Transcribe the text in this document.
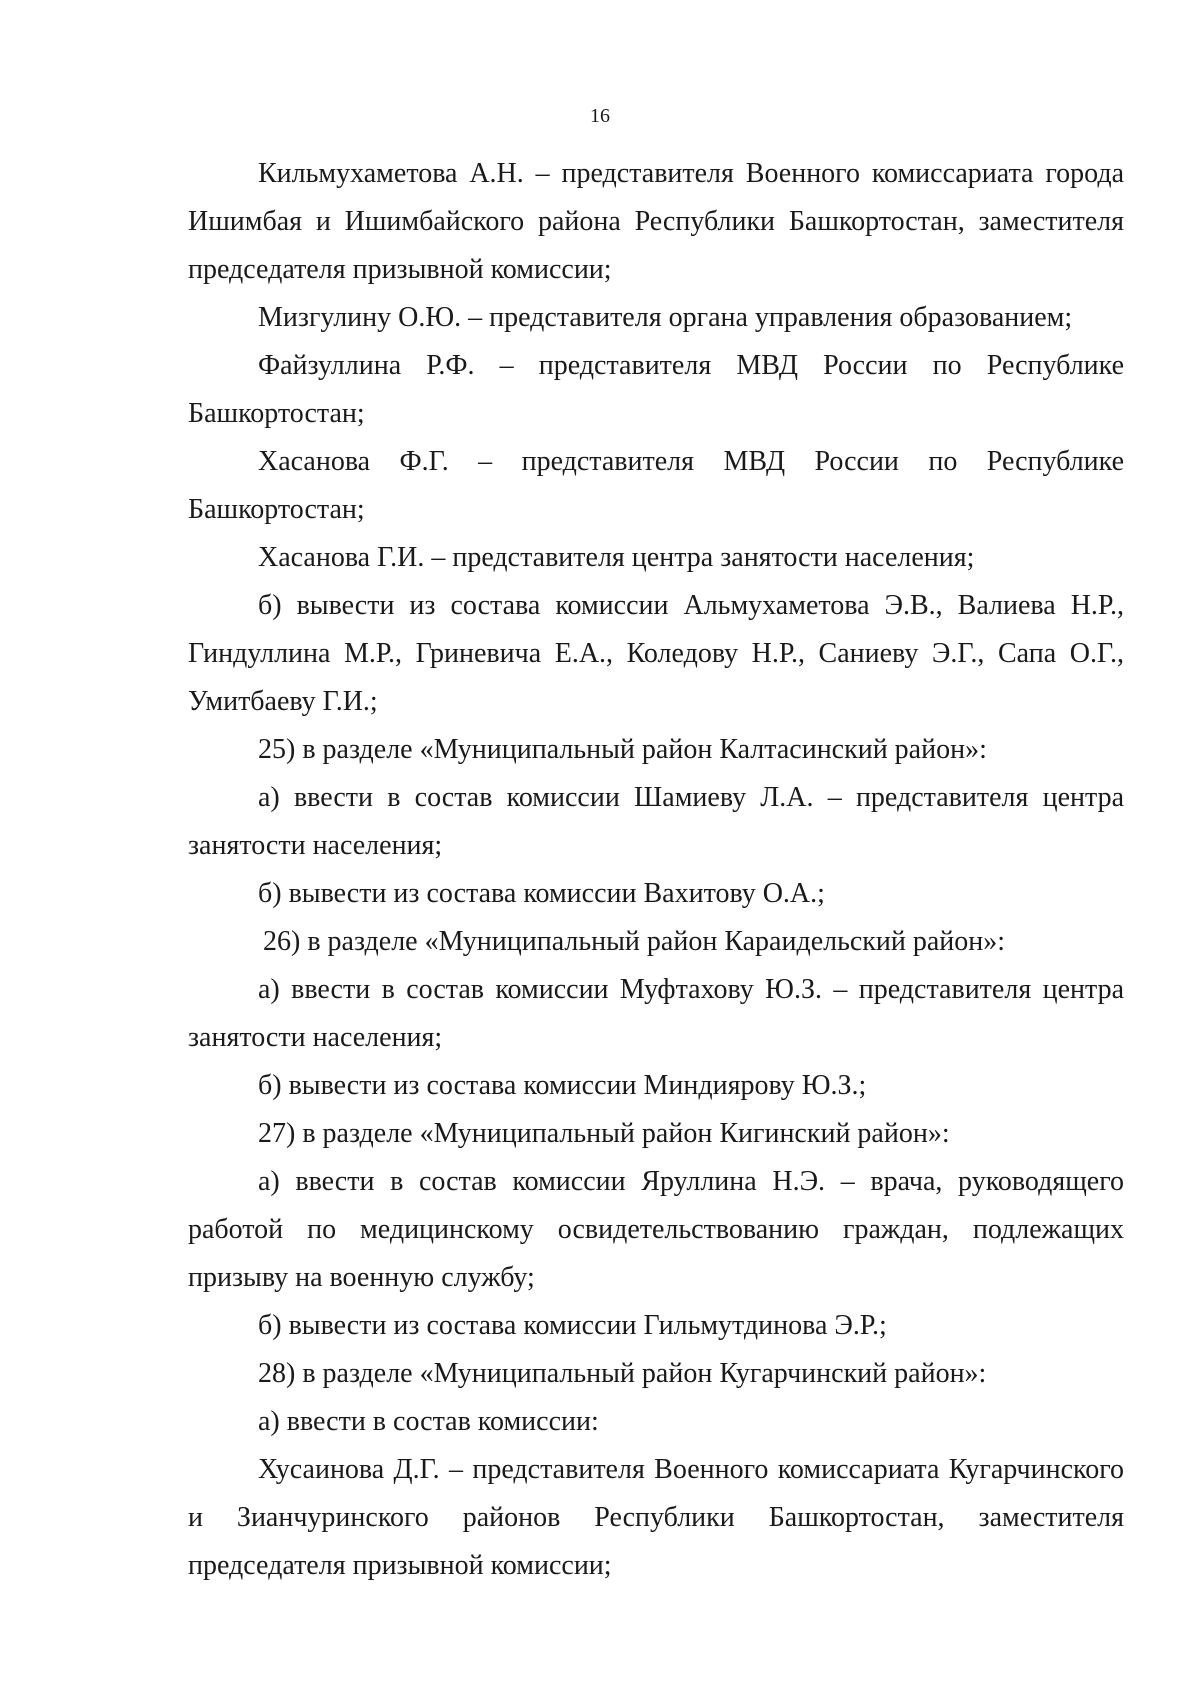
16

Кильмухаметова А.Н. – представителя Военного комиссариата города Ишимбая и Ишимбайского района Республики Башкортостан, заместителя председателя призывной комиссии;

Мизгулину О.Ю. – представителя органа управления образованием;

Файзуллина Р.Ф. – представителя МВД России по Республике Башкортостан;

Хасанова Ф.Г. – представителя МВД России по Республике Башкортостан;

Хасанова Г.И. – представителя центра занятости населения;

б) вывести из состава комиссии Альмухаметова Э.В., Валиева Н.Р., Гиндуллина М.Р., Гриневича Е.А., Коледову Н.Р., Саниеву Э.Г., Сапа О.Г., Умитбаеву Г.И.;

25) в разделе «Муниципальный район Калтасинский район»:

а) ввести в состав комиссии Шамиеву Л.А. – представителя центра занятости населения;

б) вывести из состава комиссии Вахитову О.А.;

26) в разделе «Муниципальный район Караидельский район»:

а) ввести в состав комиссии Муфтахову Ю.З. – представителя центра занятости населения;

б) вывести из состава комиссии Миндиярову Ю.З.;

27) в разделе «Муниципальный район Кигинский район»:

а) ввести в состав комиссии Яруллина Н.Э. – врача, руководящего работой по медицинскому освидетельствованию граждан, подлежащих призыву на военную службу;

б) вывести из состава комиссии Гильмутдинова Э.Р.;

28) в разделе «Муниципальный район Кугарчинский район»:

а) ввести в состав комиссии:

Хусаинова Д.Г. – представителя Военного комиссариата Кугарчинского и Зианчуринского районов Республики Башкортостан, заместителя председателя призывной комиссии;
